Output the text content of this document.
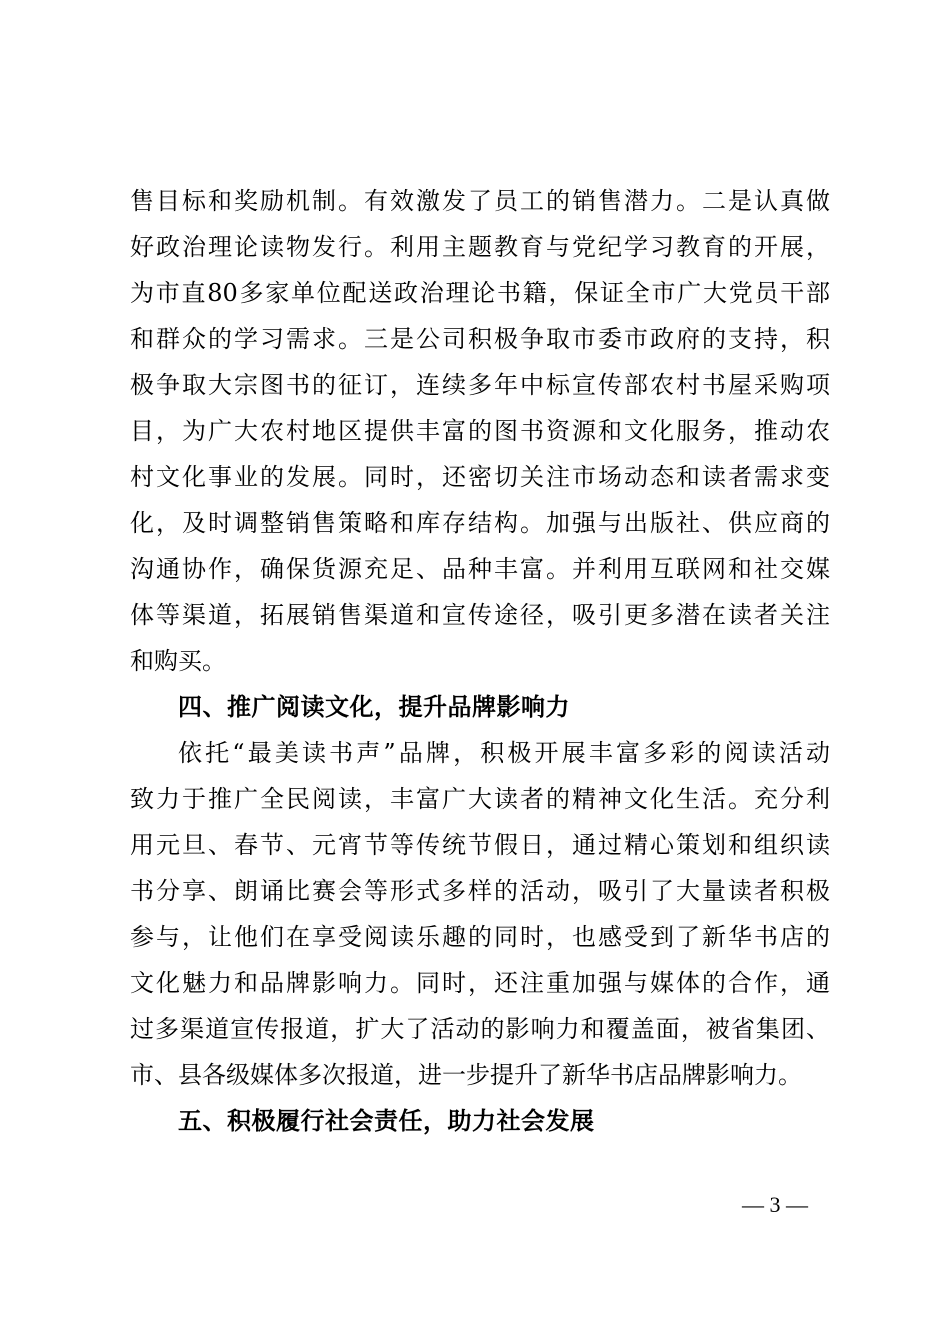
售目标和奖励机制。有效激发了员工的销售潜力。二是认真做
好政治理论读物发行。利用主题教育与党纪学习教育的开展，
为市直80多家单位配送政治理论书籍，保证全市广大党员干部
和群众的学习需求。三是公司积极争取市委市政府的支持，积
极争取大宗图书的征订，连续多年中标宣传部农村书屋采购项
目，为广大农村地区提供丰富的图书资源和文化服务，推动农
村文化事业的发展。同时，还密切关注市场动态和读者需求变
化，及时调整销售策略和库存结构。加强与出版社、供应商的
沟通协作，确保货源充足、品种丰富。并利用互联网和社交媒
体等渠道，拓展销售渠道和宣传途径，吸引更多潜在读者关注
和购买。
四、推广阅读文化，提升品牌影响力
依托“最美读书声”品牌，积极开展丰富多彩的阅读活动
致力于推广全民阅读，丰富广大读者的精神文化生活。充分利
用元旦、春节、元宵节等传统节假日，通过精心策划和组织读
书分享、朗诵比赛会等形式多样的活动，吸引了大量读者积极
参与，让他们在享受阅读乐趣的同时，也感受到了新华书店的
文化魅力和品牌影响力。同时，还注重加强与媒体的合作，通
过多渠道宣传报道，扩大了活动的影响力和覆盖面，被省集团、
市、县各级媒体多次报道，进一步提升了新华书店品牌影响力。
五、积极履行社会责任，助力社会发展
— 3 —
